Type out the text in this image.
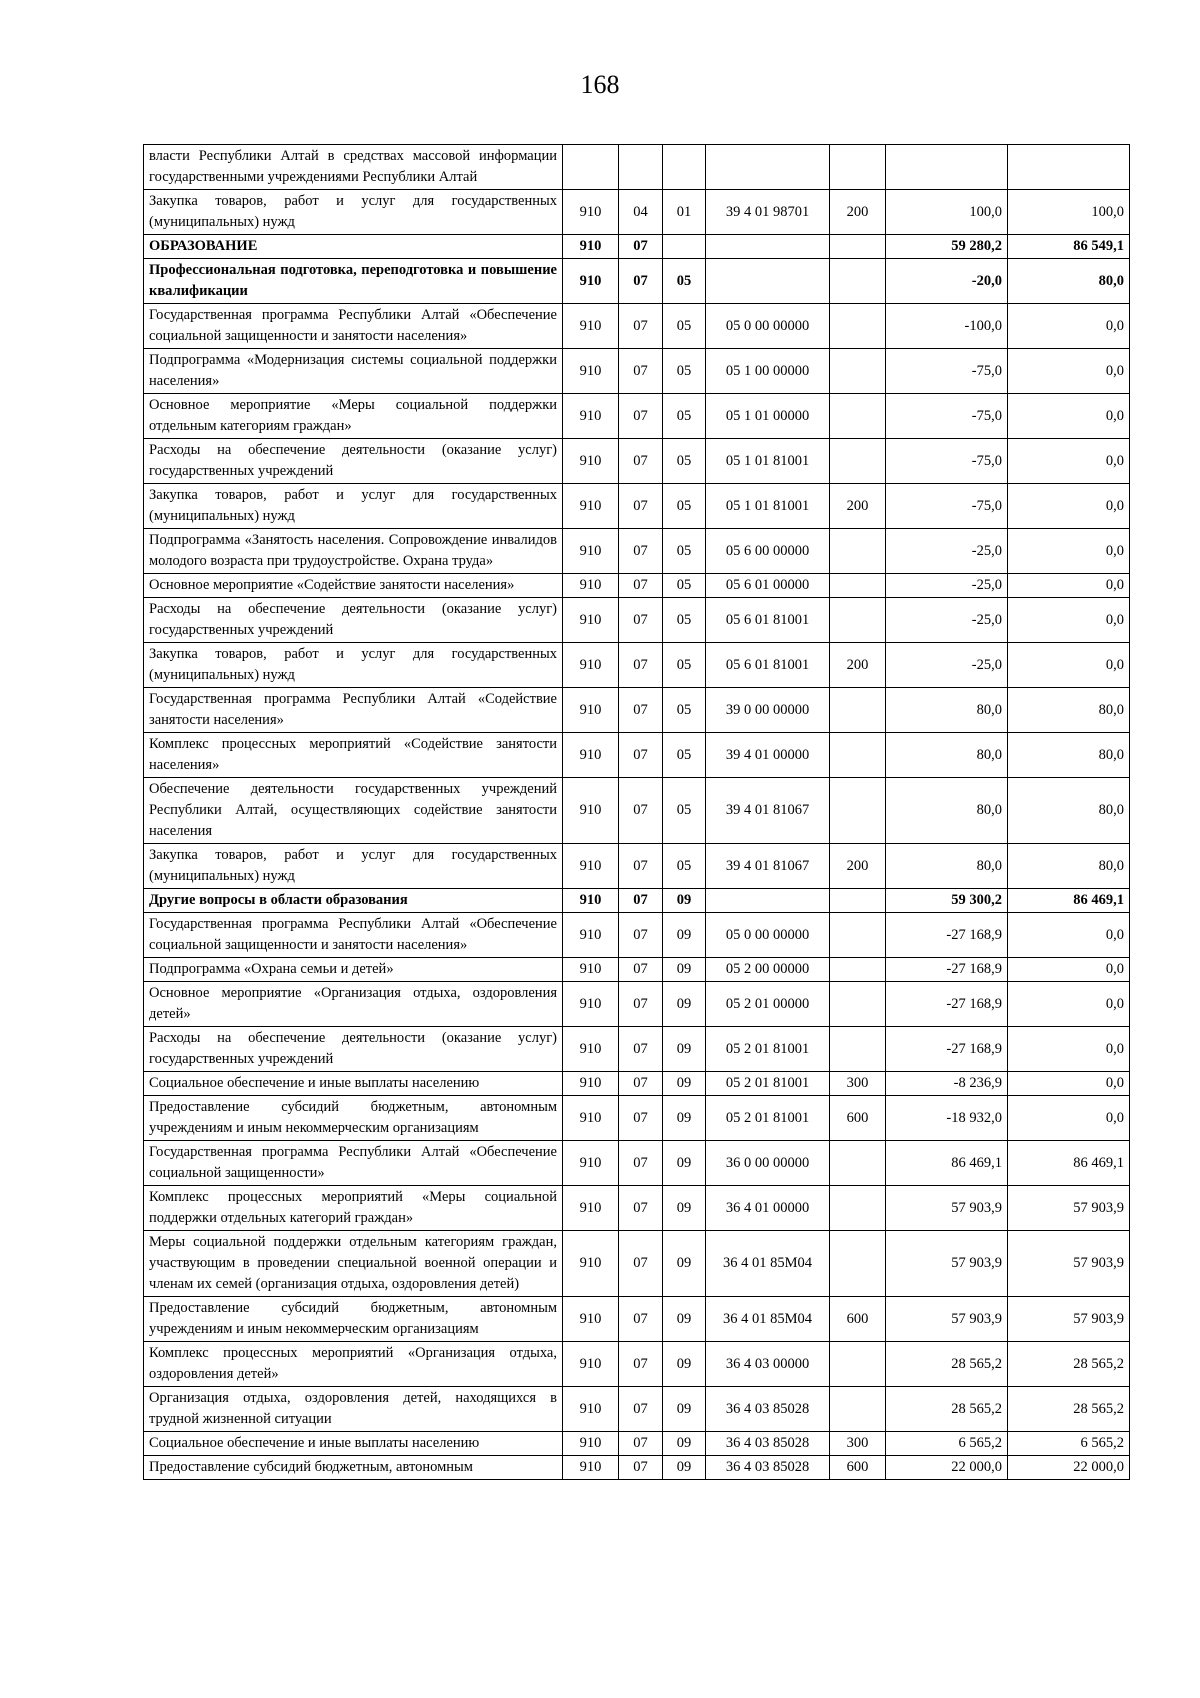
168
власти Республики Алтай в средствах массовой информации государственными учреждениями Республики Алтай							
Закупка товаров, работ и услуг для государственных (муниципальных) нужд	910	04	01	39 4 01 98701	200	100,0	100,0
ОБРАЗОВАНИЕ	910	07				59 280,2	86 549,1
Профессиональная подготовка, переподготовка и повышение квалификации	910	07	05			-20,0	80,0
Государственная программа Республики Алтай «Обеспечение социальной защищенности и занятости населения»	910	07	05	05 0 00 00000		-100,0	0,0
Подпрограмма «Модернизация системы социальной поддержки населения»	910	07	05	05 1 00 00000		-75,0	0,0
Основное мероприятие «Меры социальной поддержки отдельным категориям граждан»	910	07	05	05 1 01 00000		-75,0	0,0
Расходы на обеспечение деятельности (оказание услуг) государственных учреждений	910	07	05	05 1 01 81001		-75,0	0,0
Закупка товаров, работ и услуг для государственных (муниципальных) нужд	910	07	05	05 1 01 81001	200	-75,0	0,0
Подпрограмма «Занятость населения. Сопровождение инвалидов молодого возраста при трудоустройстве. Охрана труда»	910	07	05	05 6 00 00000		-25,0	0,0
Основное мероприятие «Содействие занятости населения»	910	07	05	05 6 01 00000		-25,0	0,0
Расходы на обеспечение деятельности (оказание услуг) государственных учреждений	910	07	05	05 6 01 81001		-25,0	0,0
Закупка товаров, работ и услуг для государственных (муниципальных) нужд	910	07	05	05 6 01 81001	200	-25,0	0,0
Государственная программа Республики Алтай «Содействие занятости населения»	910	07	05	39 0 00 00000		80,0	80,0
Комплекс процессных мероприятий «Содействие занятости населения»	910	07	05	39 4 01 00000		80,0	80,0
Обеспечение деятельности государственных учреждений Республики Алтай, осуществляющих содействие занятости населения	910	07	05	39 4 01 81067		80,0	80,0
Закупка товаров, работ и услуг для государственных (муниципальных) нужд	910	07	05	39 4 01 81067	200	80,0	80,0
Другие вопросы в области образования	910	07	09			59 300,2	86 469,1
Государственная программа Республики Алтай «Обеспечение социальной защищенности и занятости населения»	910	07	09	05 0 00 00000		-27 168,9	0,0
Подпрограмма «Охрана семьи и детей»	910	07	09	05 2 00 00000		-27 168,9	0,0
Основное мероприятие «Организация отдыха, оздоровления детей»	910	07	09	05 2 01 00000		-27 168,9	0,0
Расходы на обеспечение деятельности (оказание услуг) государственных учреждений	910	07	09	05 2 01 81001		-27 168,9	0,0
Социальное обеспечение и иные выплаты населению	910	07	09	05 2 01 81001	300	-8 236,9	0,0
Предоставление субсидий бюджетным, автономным учреждениям и иным некоммерческим организациям	910	07	09	05 2 01 81001	600	-18 932,0	0,0
Государственная программа Республики Алтай «Обеспечение социальной защищенности»	910	07	09	36 0 00 00000		86 469,1	86 469,1
Комплекс процессных мероприятий «Меры социальной поддержки отдельных категорий граждан»	910	07	09	36 4 01 00000		57 903,9	57 903,9
Меры социальной поддержки отдельным категориям граждан, участвующим в проведении специальной военной операции и членам их семей (организация отдыха, оздоровления детей)	910	07	09	36 4 01 85М04		57 903,9	57 903,9
Предоставление субсидий бюджетным, автономным учреждениям и иным некоммерческим организациям	910	07	09	36 4 01 85М04	600	57 903,9	57 903,9
Комплекс процессных мероприятий «Организация отдыха, оздоровления детей»	910	07	09	36 4 03 00000		28 565,2	28 565,2
Организация отдыха, оздоровления детей, находящихся в трудной жизненной ситуации	910	07	09	36 4 03 85028		28 565,2	28 565,2
Социальное обеспечение и иные выплаты населению	910	07	09	36 4 03 85028	300	6 565,2	6 565,2
Предоставление субсидий бюджетным, автономным	910	07	09	36 4 03 85028	600	22 000,0	22 000,0
